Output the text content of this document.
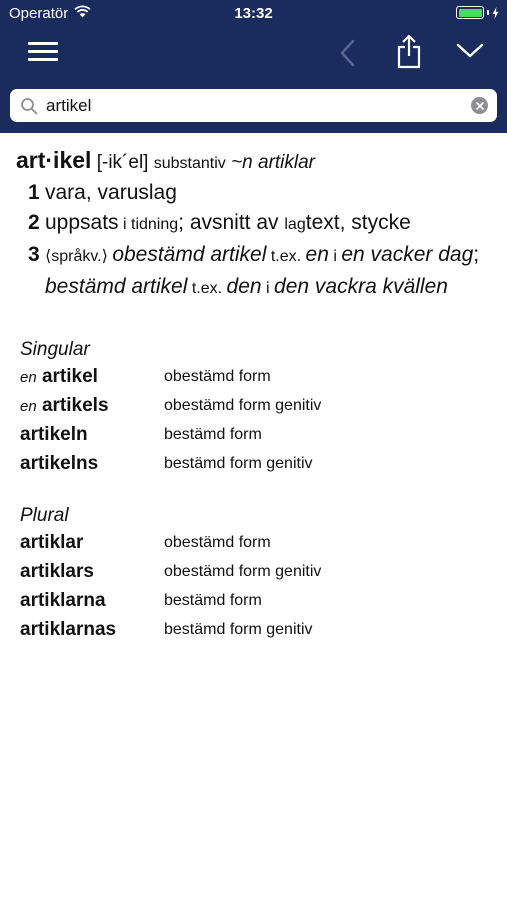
Operatör	13:32
artikel
art·ikel [-ik´el] substantiv ~n artiklar
1 vara, varuslag
2 uppsats i tidning; avsnitt av lagtext, stycke
3 ⟨språkv.⟩ obestämd artikel t.ex. en i en vacker dag; bestämd artikel t.ex. den i den vackra kvällen
Singular
en artikel	obestämd form
en artikels	obestämd form genitiv
artikeln	bestämd form
artikelns	bestämd form genitiv
Plural
artiklar	obestämd form
artiklars	obestämd form genitiv
artiklarna	bestämd form
artiklarnas	bestämd form genitiv
